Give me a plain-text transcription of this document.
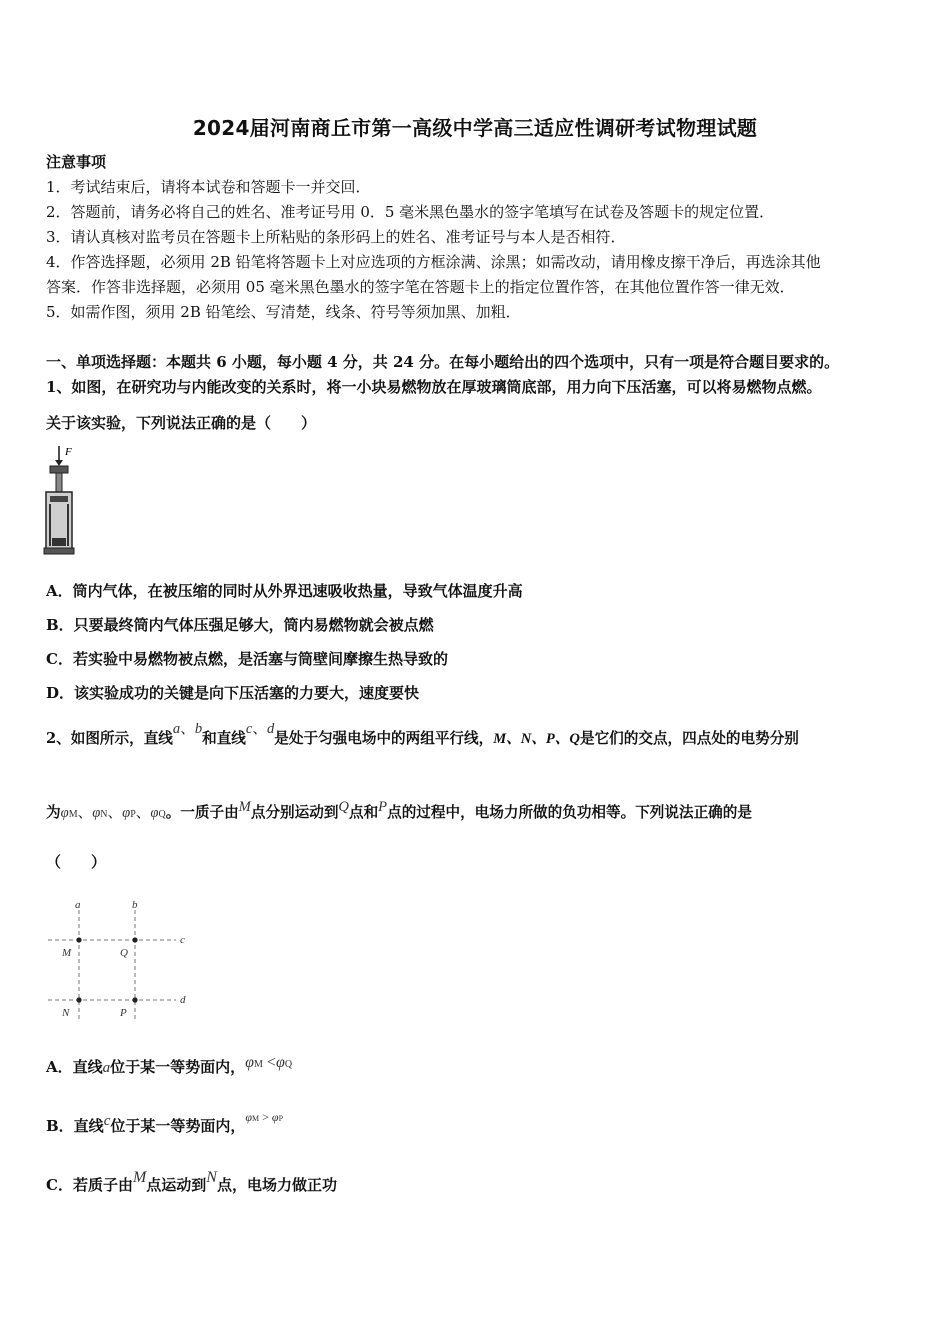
2024届河南商丘市第一高级中学高三适应性调研考试物理试题
注意事项
1．考试结束后，请将本试卷和答题卡一并交回．
2．答题前，请务必将自己的姓名、准考证号用 0．5 毫米黑色墨水的签字笔填写在试卷及答题卡的规定位置．
3．请认真核对监考员在答题卡上所粘贴的条形码上的姓名、准考证号与本人是否相符．
4．作答选择题，必须用 2B 铅笔将答题卡上对应选项的方框涂满、涂黑；如需改动，请用橡皮擦干净后，再选涂其他
答案．作答非选择题，必须用 05 毫米黑色墨水的签字笔在答题卡上的指定位置作答，在其他位置作答一律无效．
5．如需作图，须用 2B 铅笔绘、写清楚，线条、符号等须加黑、加粗．
一、单项选择题：本题共 6 小题，每小题 4 分，共 24 分。在每小题给出的四个选项中，只有一项是符合题目要求的。
1、如图，在研究功与内能改变的关系时，将一小块易燃物放在厚玻璃筒底部，用力向下压活塞，可以将易燃物点燃。
关于该实验，下列说法正确的是（　　）
F
A．筒内气体，在被压缩的同时从外界迅速吸收热量，导致气体温度升高
B．只要最终筒内气体压强足够大，筒内易燃物就会被点燃
C．若实验中易燃物被点燃，是活塞与筒壁间摩擦生热导致的
D．该实验成功的关键是向下压活塞的力要大，速度要快
2、如图所示，直线a、b和直线c、d是处于匀强电场中的两组平行线，M、N、P、Q是它们的交点，四点处的电势分别
为φM、φN、φP、φQ。一质子由M点分别运动到Q点和P点的过程中，电场力所做的负功相等。下列说法正确的是
（　　）
a	b
c
d
M	Q
N	P
A．直线a位于某一等势面内，φM <φQ
B．直线c位于某一等势面内，$^{\varphi M > \varphi P}$
C．若质子由M点运动到N点，电场力做正功
